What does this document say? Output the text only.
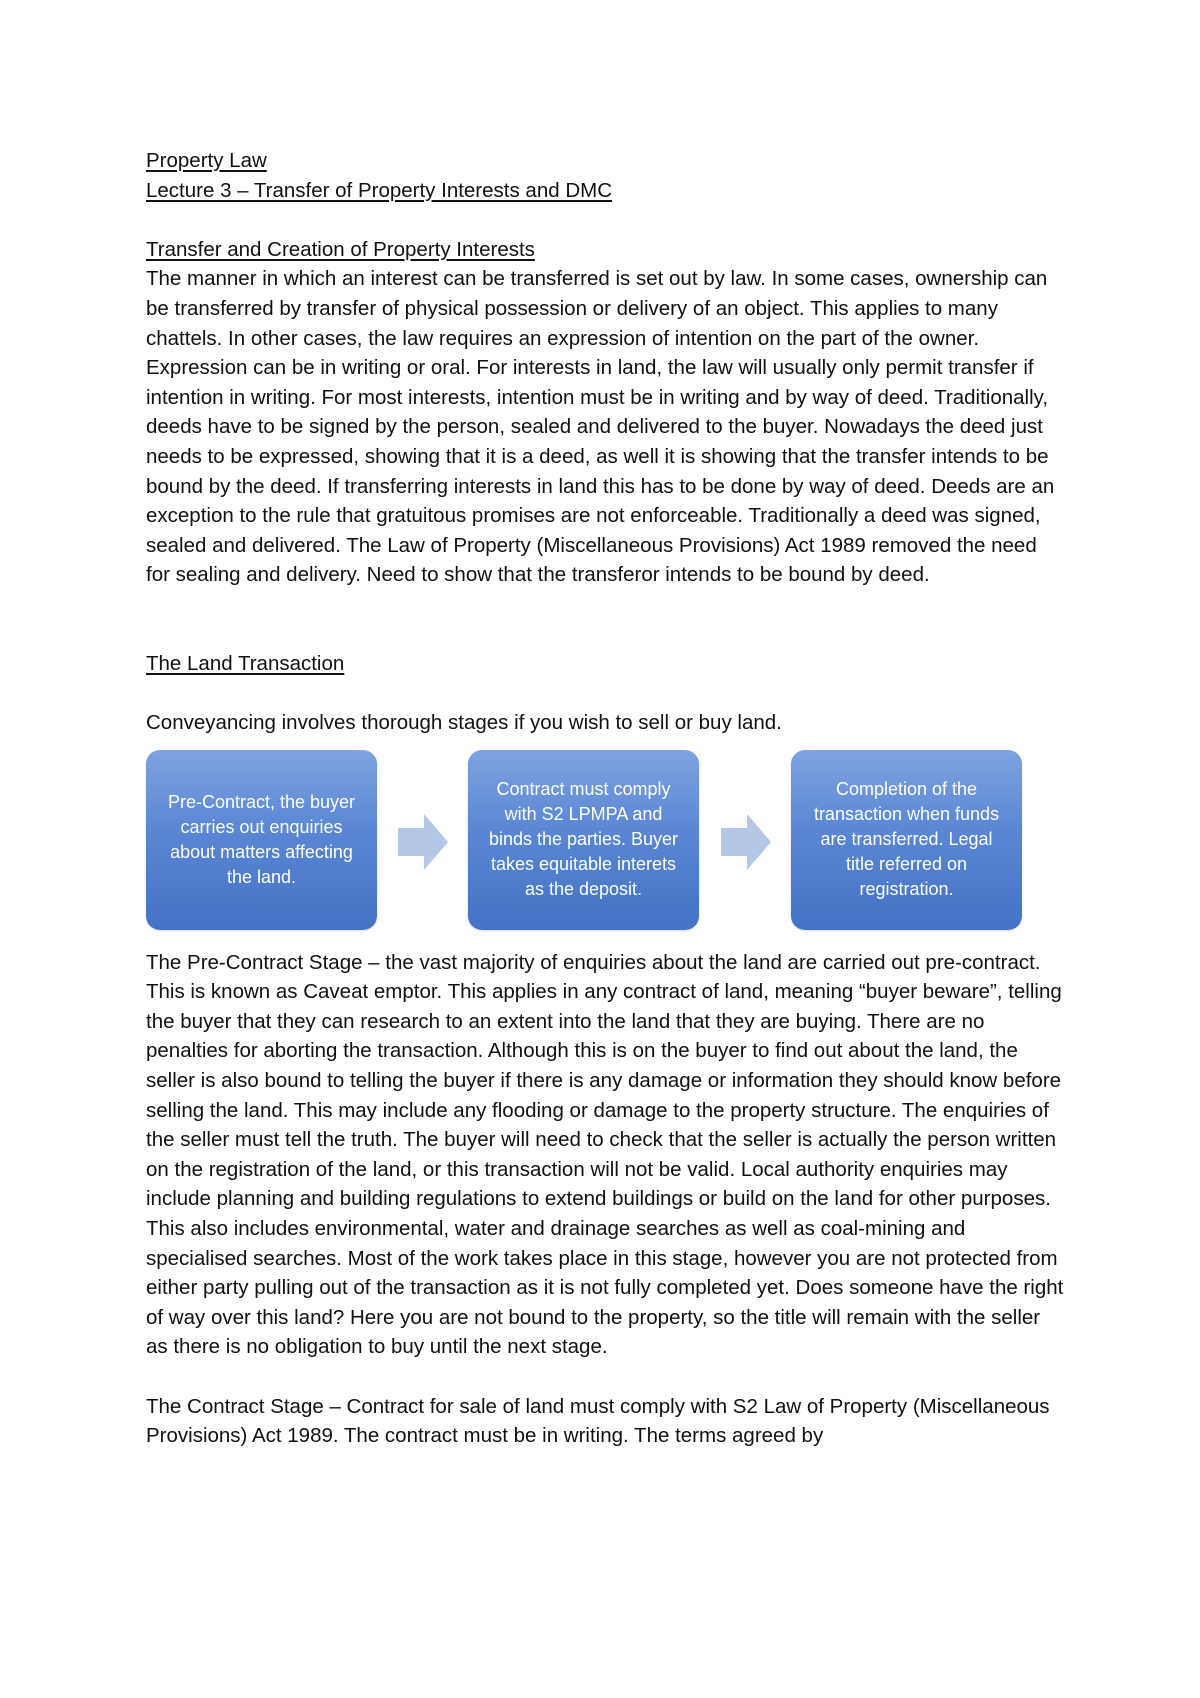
Property Law

Lecture 3 – Transfer of Property Interests and DMC

Transfer and Creation of Property Interests

The manner in which an interest can be transferred is set out by law. In some cases, ownership can be transferred by transfer of physical possession or delivery of an object. This applies to many chattels. In other cases, the law requires an expression of intention on the part of the owner. Expression can be in writing or oral. For interests in land, the law will usually only permit transfer if intention in writing. For most interests, intention must be in writing and by way of deed. Traditionally, deeds have to be signed by the person, sealed and delivered to the buyer. Nowadays the deed just needs to be expressed, showing that it is a deed, as well it is showing that the transfer intends to be bound by the deed. If transferring interests in land this has to be done by way of deed. Deeds are an exception to the rule that gratuitous promises are not enforceable. Traditionally a deed was signed, sealed and delivered. The Law of Property (Miscellaneous Provisions) Act 1989 removed the need for sealing and delivery. Need to show that the transferor intends to be bound by deed.

The Land Transaction

Conveyancing involves thorough stages if you wish to sell or buy land.

Pre-Contract, the buyer carries out enquiries about matters affecting the land.
Contract must comply with S2 LPMPA and binds the parties. Buyer takes equitable interets as the deposit.
Completion of the transaction when funds are transferred. Legal title referred on registration.

The Pre-Contract Stage – the vast majority of enquiries about the land are carried out pre-contract. This is known as Caveat emptor. This applies in any contract of land, meaning “buyer beware”, telling the buyer that they can research to an extent into the land that they are buying. There are no penalties for aborting the transaction. Although this is on the buyer to find out about the land, the seller is also bound to telling the buyer if there is any damage or information they should know before selling the land. This may include any flooding or damage to the property structure. The enquiries of the seller must tell the truth. The buyer will need to check that the seller is actually the person written on the registration of the land, or this transaction will not be valid. Local authority enquiries may include planning and building regulations to extend buildings or build on the land for other purposes. This also includes environmental, water and drainage searches as well as coal-mining and specialised searches. Most of the work takes place in this stage, however you are not protected from either party pulling out of the transaction as it is not fully completed yet. Does someone have the right of way over this land? Here you are not bound to the property, so the title will remain with the seller as there is no obligation to buy until the next stage.

The Contract Stage – Contract for sale of land must comply with S2 Law of Property (Miscellaneous Provisions) Act 1989. The contract must be in writing. The terms agreed by
